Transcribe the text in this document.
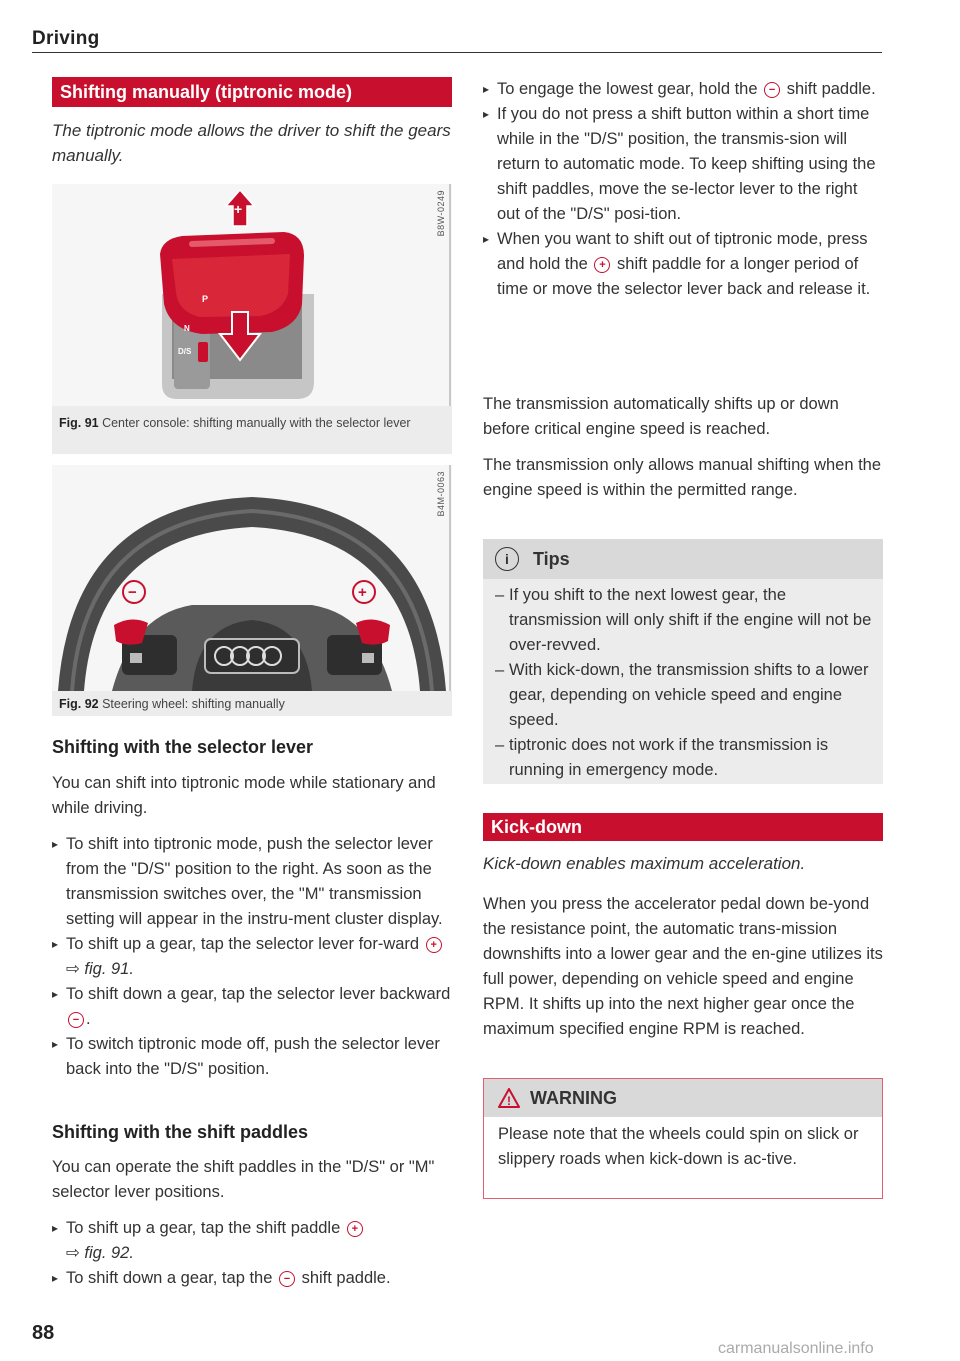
Driving
Shifting manually (tiptronic mode)
The tiptronic mode allows the driver to shift the gears manually.
P
N
D/S
+	B8W-0249
Fig. 91 Center console: shifting manually with the selector lever
−	+
B4M-0063
Fig. 92 Steering wheel: shifting manually
Shifting with the selector lever
You can shift into tiptronic mode while stationary and while driving.
▸ To shift into tiptronic mode, push the selector lever from the "D/S" position to the right. As soon as the transmission switches over, the "M" transmission setting will appear in the instru-ment cluster display.
▸ To shift up a gear, tap the selector lever for-ward + ⇨ fig. 91.
▸ To shift down a gear, tap the selector lever backward − .
▸ To switch tiptronic mode off, push the selector lever back into the "D/S" position.
Shifting with the shift paddles
You can operate the shift paddles in the "D/S" or "M" selector lever positions.
▸ To shift up a gear, tap the shift paddle +
⇨ fig. 92.
▸ To shift down a gear, tap the − shift paddle.
▸ To engage the lowest gear, hold the − shift paddle.
▸ If you do not press a shift button within a short time while in the "D/S" position, the transmis-sion will return to automatic mode. To keep shifting using the shift paddles, move the se-lector lever to the right out of the "D/S" posi-tion.
▸ When you want to shift out of tiptronic mode, press and hold the + shift paddle for a longer period of time or move the selector lever back and release it.
The transmission automatically shifts up or down before critical engine speed is reached.
The transmission only allows manual shifting when the engine speed is within the permitted range.
i	Tips
– If you shift to the next lowest gear, the transmission will only shift if the engine will not be over-revved.
– With kick-down, the transmission shifts to a lower gear, depending on vehicle speed and engine speed.
– tiptronic does not work if the transmission is running in emergency mode.
Kick-down
Kick-down enables maximum acceleration.
When you press the accelerator pedal down be-yond the resistance point, the automatic trans-mission downshifts into a lower gear and the en-gine utilizes its full power, depending on vehicle speed and engine RPM. It shifts up into the next higher gear once the maximum specified engine RPM is reached.
! WARNING
Please note that the wheels could spin on slick or slippery roads when kick-down is ac-tive.
88
carmanualsonline.info
